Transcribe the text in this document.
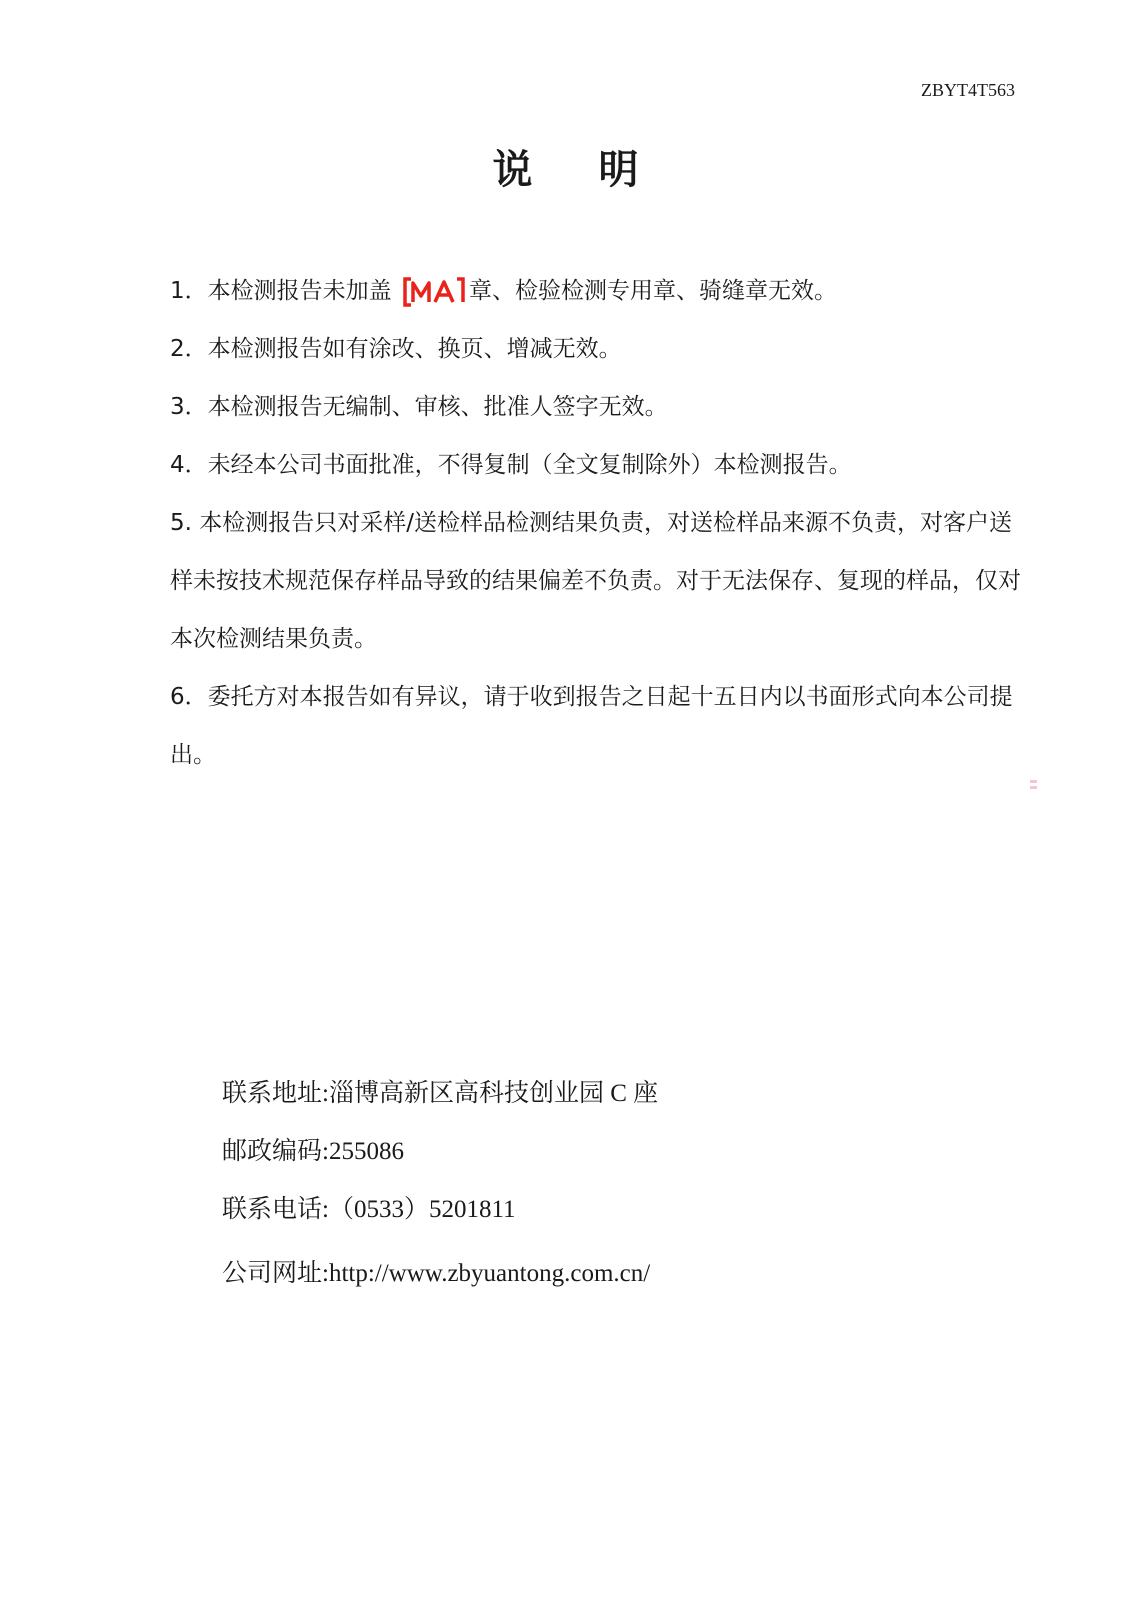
ZBYT4T563
说 明

1．本检测报告未加盖	章、检验检测专用章、骑缝章无效。

2．本检测报告如有涂改、换页、增减无效。

3．本检测报告无编制、审核、批准人签字无效。

4．未经本公司书面批准，不得复制（全文复制除外）本检测报告。

5. 本检测报告只对采样/送检样品检测结果负责，对送检样品来源不负责，对客户送样未按技术规范保存样品导致的结果偏差不负责。对于无法保存、复现的样品，仅对本次检测结果负责。

6．委托方对本报告如有异议，请于收到报告之日起十五日内以书面形式向本公司提出。

联系地址:淄博高新区高科技创业园 C 座

邮政编码:255086

联系电话:（0533）5201811

公司网址:http://www.zbyuantong.com.cn/
